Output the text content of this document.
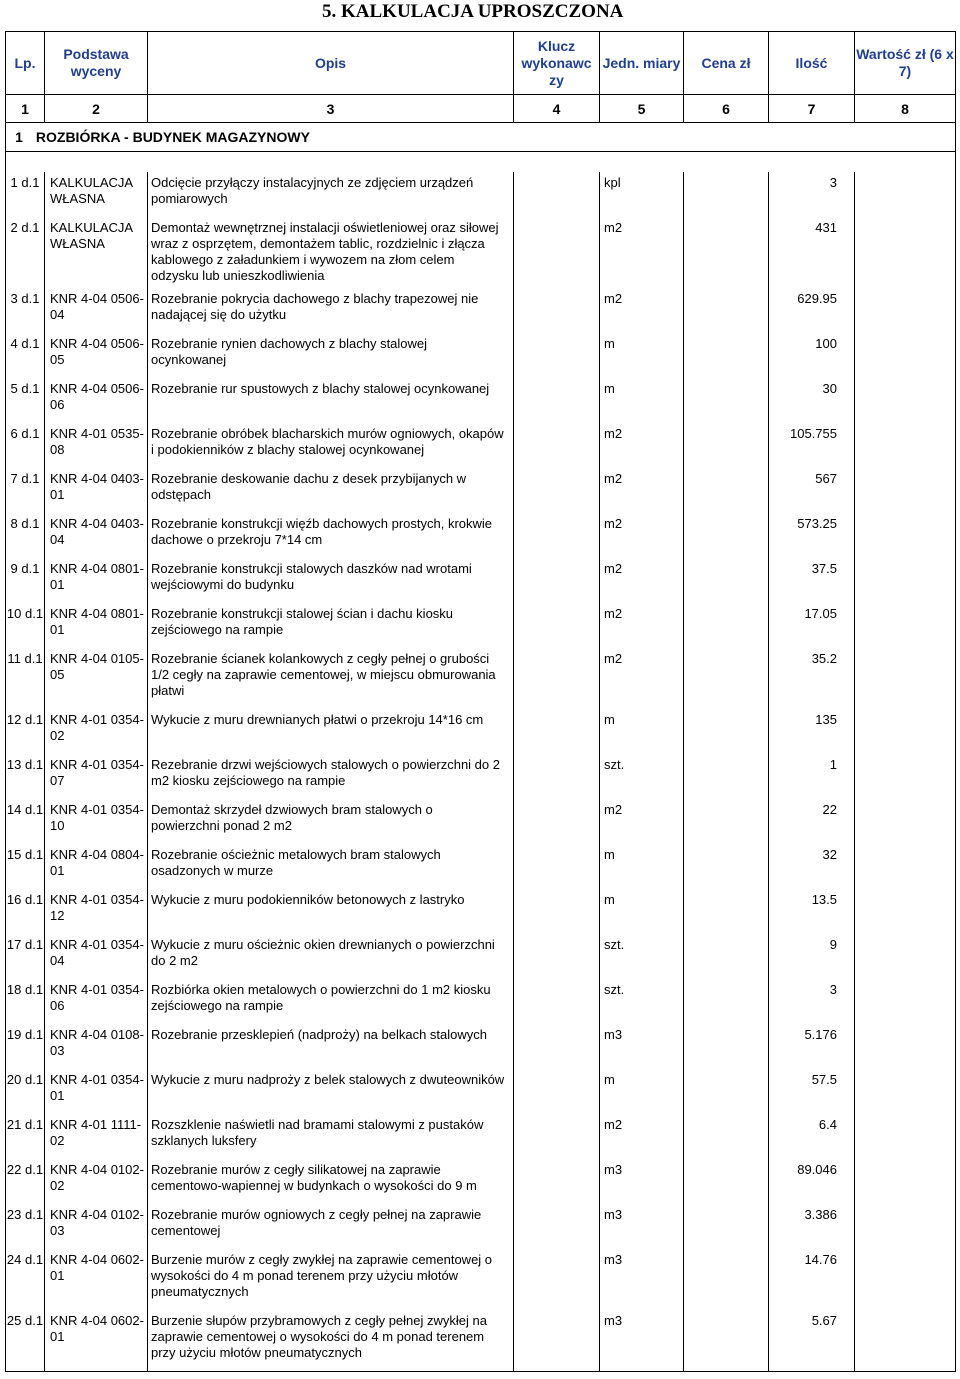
5. KALKULACJA UPROSZCZONA
Lp.	Podstawa wyceny	Opis	Klucz wykonawc zy	Jedn. miary	Cena zł	Ilość	Wartość zł (6 x 7)
1	2	3	4	5	6	7	8
1 ROZBIÓRKA - BUDYNEK MAGAZYNOWY							

1 d.1	KALKULACJA WŁASNA	Odcięcie przyłączy instalacyjnych ze zdjęciem urządzeń pomiarowych		kpl		3	

2 d.1	KALKULACJA WŁASNA	Demontaż wewnętrznej instalacji oświetleniowej oraz siłowej wraz z osprzętem, demontażem tablic, rozdzielnic i złącza kablowego z załadunkiem i wywozem na złom celem odzysku lub unieszkodliwienia		m2		431	

3 d.1	KNR 4-04 0506-04	Rozebranie pokrycia dachowego z blachy trapezowej nie nadającej się do użytku		m2		629.95	

4 d.1	KNR 4-04 0506-05	Rozebranie rynien dachowych z blachy stalowej ocynkowanej		m		100	

5 d.1	KNR 4-04 0506-06	Rozebranie rur spustowych z blachy stalowej ocynkowanej		m		30	

6 d.1	KNR 4-01 0535-08	Rozebranie obróbek blacharskich murów ogniowych, okapów i podokienników z blachy stalowej ocynkowanej		m2		105.755	

7 d.1	KNR 4-04 0403-01	Rozebranie deskowanie dachu z desek przybijanych w odstępach		m2		567	

8 d.1	KNR 4-04 0403-04	Rozebranie konstrukcji więźb dachowych prostych, krokwie dachowe o przekroju 7*14 cm		m2		573.25	

9 d.1	KNR 4-04 0801-01	Rozebranie konstrukcji stalowych daszków nad wrotami wejściowymi do budynku		m2		37.5	

10 d.1	KNR 4-04 0801-01	Rozebranie konstrukcji stalowej ścian i dachu kiosku zejściowego na rampie		m2		17.05	

11 d.1	KNR 4-04 0105-05	Rozebranie ścianek kolankowych z cegły pełnej o grubości 1/2 cegły na zaprawie cementowej, w miejscu obmurowania płatwi		m2		35.2	

12 d.1	KNR 4-01 0354-02	Wykucie z muru drewnianych płatwi o przekroju 14*16 cm		m		135	

13 d.1	KNR 4-01 0354-07	Rezebranie drzwi wejściowych stalowych o powierzchni do 2 m2 kiosku zejściowego na rampie		szt.		1	

14 d.1	KNR 4-01 0354-10	Demontaż skrzydeł dzwiowych bram stalowych o powierzchni ponad 2 m2		m2		22	

15 d.1	KNR 4-04 0804-01	Rozebranie ościeżnic metalowych bram stalowych osadzonych w murze		m		32	

16 d.1	KNR 4-01 0354-12	Wykucie z muru podokienników betonowych z lastryko		m		13.5	

17 d.1	KNR 4-01 0354-04	Wykucie z muru ościeżnic okien drewnianych o powierzchni do 2 m2		szt.		9	

18 d.1	KNR 4-01 0354-06	Rozbiórka okien metalowych o powierzchni do 1 m2 kiosku zejściowego na rampie		szt.		3	

19 d.1	KNR 4-04 0108-03	Rozebranie przesklepień (nadproży) na belkach stalowych		m3		5.176	

20 d.1	KNR 4-01 0354-01	Wykucie z muru nadproży z belek stalowych z dwuteowników		m		57.5	

21 d.1	KNR 4-01 1111-02	Rozszklenie naświetli nad bramami stalowymi z pustaków szklanych luksfery		m2		6.4	

22 d.1	KNR 4-04 0102-02	Rozebranie murów z cegły silikatowej na zaprawie cementowo-wapiennej w budynkach o wysokości do 9 m		m3		89.046	

23 d.1	KNR 4-04 0102-03	Rozebranie murów ogniowych z cegły pełnej na zaprawie cementowej		m3		3.386	

24 d.1	KNR 4-04 0602-01	Burzenie murów z cegły zwykłej na zaprawie cementowej o wysokości do 4 m ponad terenem przy użyciu młotów pneumatycznych		m3		14.76	

25 d.1	KNR 4-04 0602-01	Burzenie słupów przybramowych z cegły pełnej zwykłej na zaprawie cementowej o wysokości do 4 m ponad terenem przy użyciu młotów pneumatycznych		m3		5.67	
